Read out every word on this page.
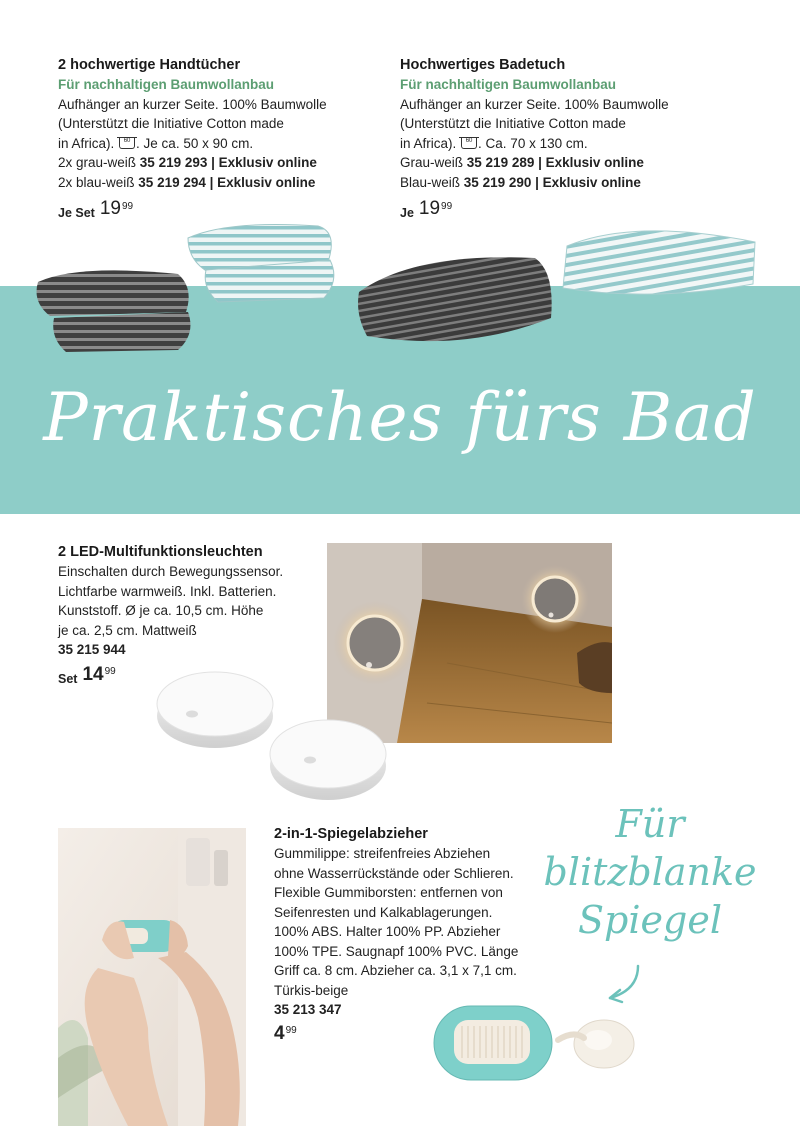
2 hochwertige Handtücher
Für nachhaltigen Baumwollanbau
Aufhänger an kurzer Seite. 100% Baumwolle
(Unterstützt die Initiative Cotton made
in Africa). 60 . Je ca. 50 x 90 cm.
2x grau-weiß 35 219 293 | Exklusiv online
2x blau-weiß 35 219 294 | Exklusiv online
Je Set $19^{99}$
Hochwertiges Badetuch
Für nachhaltigen Baumwollanbau
Aufhänger an kurzer Seite. 100% Baumwolle
(Unterstützt die Initiative Cotton made
in Africa). 60 . Ca. 70 x 130 cm.
Grau-weiß 35 219 289 | Exklusiv online
Blau-weiß 35 219 290 | Exklusiv online
Je $19^{99}$
Praktisches fürs Bad
2 LED-Multifunktionsleuchten
Einschalten durch Bewegungssensor.
Lichtfarbe warmweiß. Inkl. Batterien.
Kunststoff. Ø je ca. 10,5 cm. Höhe
je ca. 2,5 cm. Mattweiß
35 215 944
Set $14^{99}$
2-in-1-Spiegelabzieher
Gummilippe: streifenfreies Abziehen
ohne Wasserrückstände oder Schlieren.
Flexible Gummiborsten: entfernen von
Seifenresten und Kalkablagerungen.
100% ABS. Halter 100% PP. Abzieher
100% TPE. Saugnapf 100% PVC. Länge
Griff ca. 8 cm. Abzieher ca. 3,1 x 7,1 cm.
Türkis-beige
35 213 347
$4^{99}$
Für
blitzblanke
Spiegel
